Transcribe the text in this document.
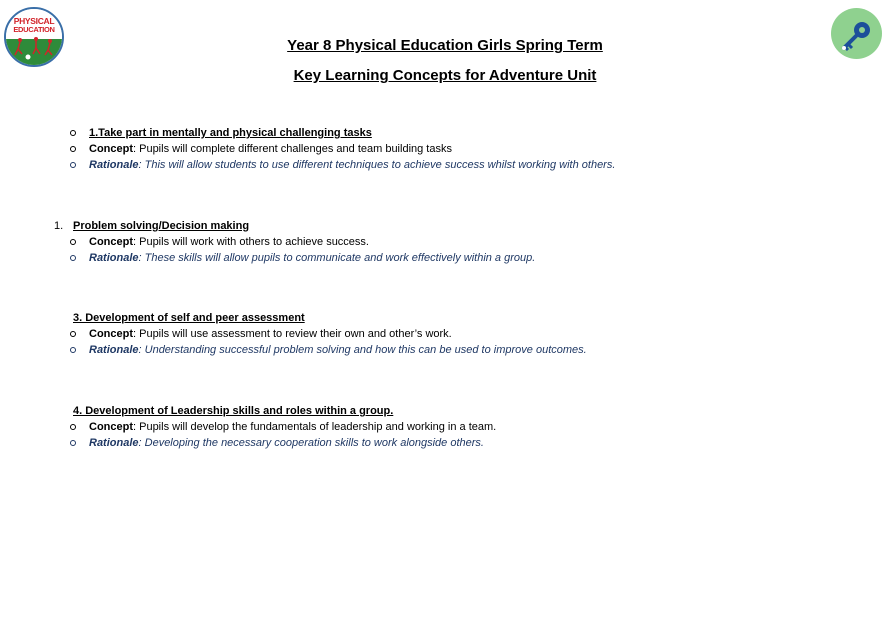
PHYSICAL
EDUCATION
Year 8 Physical Education Girls Spring Term
Key Learning Concepts for Adventure Unit
1.Take part in mentally and physical challenging tasks
Concept: Pupils will complete different challenges and team building tasks
Rationale: This will allow students to use different techniques to achieve success whilst working with others.
1. Problem solving/Decision making
Concept: Pupils will work with others to achieve success.
Rationale: These skills will allow pupils to communicate and work effectively within a group.
3. Development of self and peer assessment
Concept: Pupils will use assessment to review their own and other’s work.
Rationale: Understanding successful problem solving and how this can be used to improve outcomes.
4. Development of Leadership skills and roles within a group.
Concept: Pupils will develop the fundamentals of leadership and working in a team.
Rationale: Developing the necessary cooperation skills to work alongside others.
